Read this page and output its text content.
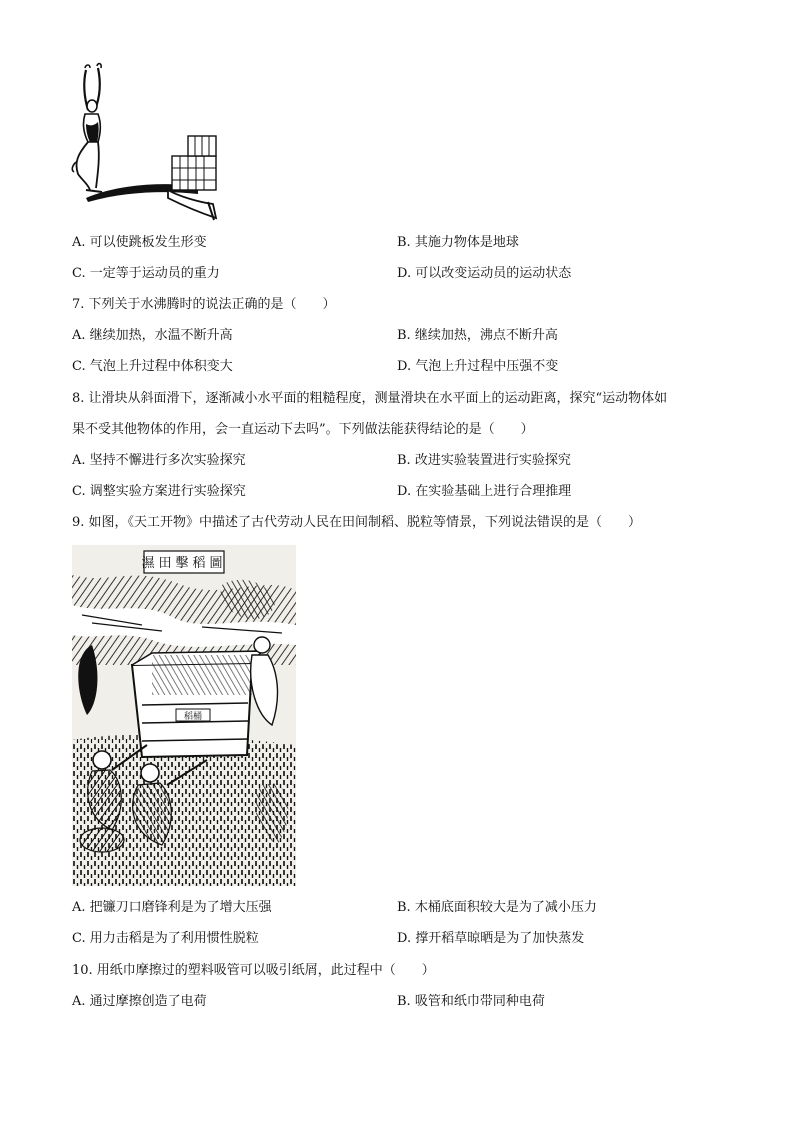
A. 可以使跳板发生形变	B. 其施力物体是地球
C. 一定等于运动员的重力	D. 可以改变运动员的运动状态
7. 下列关于水沸腾时的说法正确的是（　　）
A. 继续加热，水温不断升高	B. 继续加热，沸点不断升高
C. 气泡上升过程中体积变大	D. 气泡上升过程中压强不变
8. 让滑块从斜面滑下，逐渐减小水平面的粗糙程度，测量滑块在水平面上的运动距离，探究“运动物体如
果不受其他物体的作用，会一直运动下去吗”。下列做法能获得结论的是（　　）
A. 坚持不懈进行多次实验探究	B. 改进实验装置进行实验探究
C. 调整实验方案进行实验探究	D. 在实验基础上进行合理推理
9. 如图，《天工开物》中描述了古代劳动人民在田间制稻、脱粒等情景，下列说法错误的是（　　）
濕田擊稻圖
稻桶
A. 把镰刀口磨锋利是为了增大压强	B. 木桶底面积较大是为了减小压力
C. 用力击稻是为了利用惯性脱粒	D. 撑开稻草晾晒是为了加快蒸发
10. 用纸巾摩擦过的塑料吸管可以吸引纸屑，此过程中（　　）
A. 通过摩擦创造了电荷	B. 吸管和纸巾带同种电荷
